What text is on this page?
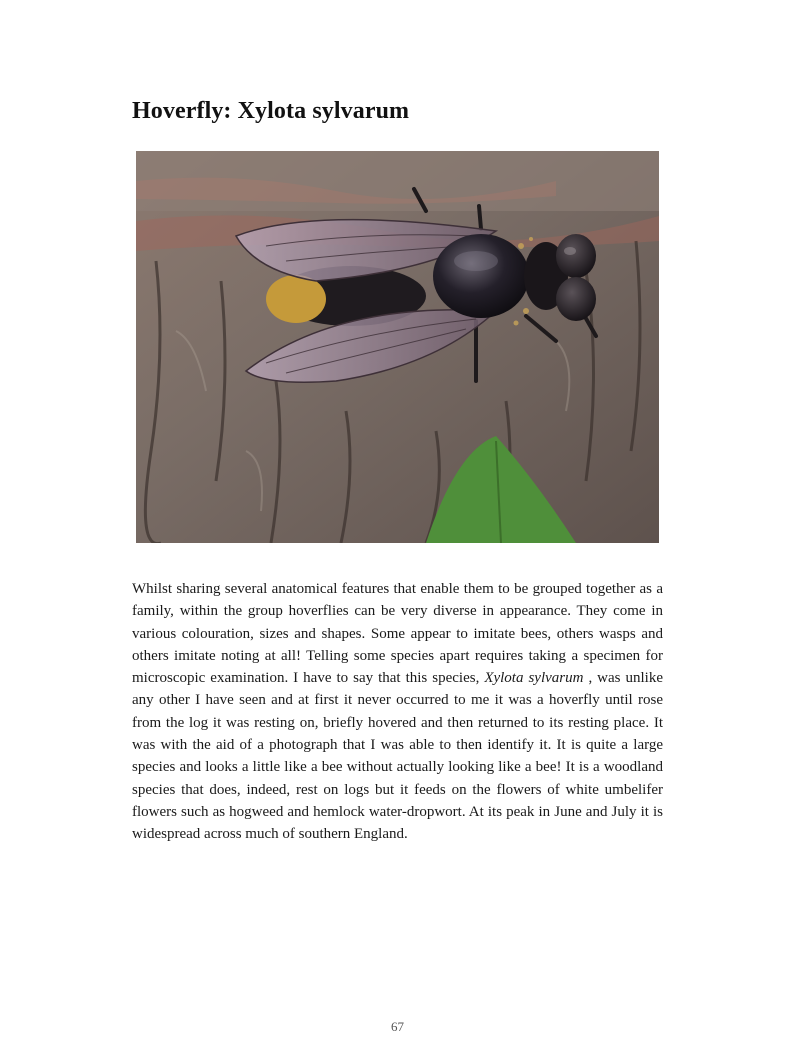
Hoverfly: Xylota sylvarum

Whilst sharing several anatomical features that enable them to be grouped together as a family, within the group hoverflies can be very diverse in appearance. They come in various colouration, sizes and shapes. Some appear to imitate bees, others wasps and others imitate noting at all! Telling some species apart requires taking a specimen for microscopic examination. I have to say that this species, Xylota sylvarum , was unlike any other I have seen and at first it never occurred to me it was a hoverfly until rose from the log it was resting on, briefly hovered and then returned to its resting place. It was with the aid of a photograph that I was able to then identify it. It is quite a large species and looks a little like a bee without actually looking like a bee! It is a woodland species that does, indeed, rest on logs but it feeds on the flowers of white umbelifer flowers such as hogweed and hemlock water-dropwort. At its peak in June and July it is widespread across much of southern England.

67
